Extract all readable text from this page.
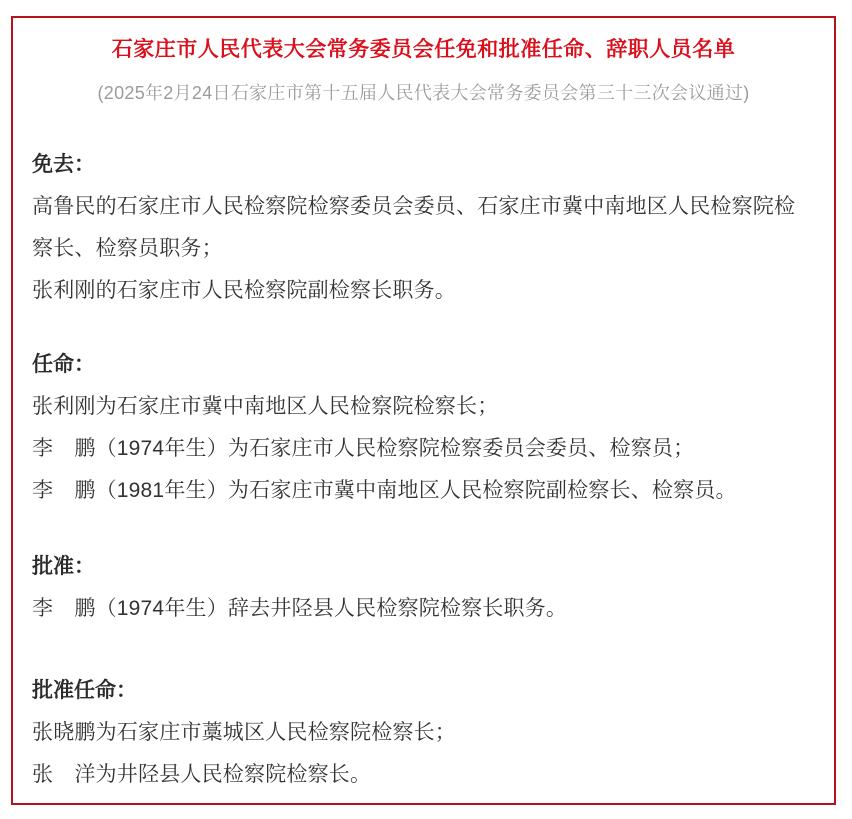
石家庄市人民代表大会常务委员会任免和批准任命、辞职人员名单

(2025年2月24日石家庄市第十五届人民代表大会常务委员会第三十三次会议通过)

免去：

高鲁民的石家庄市人民检察院检察委员会委员、石家庄市冀中南地区人民检察院检察长、检察员职务；

张利刚的石家庄市人民检察院副检察长职务。

任命：

张利刚为石家庄市冀中南地区人民检察院检察长；

李　鹏（1974年生）为石家庄市人民检察院检察委员会委员、检察员；

李　鹏（1981年生）为石家庄市冀中南地区人民检察院副检察长、检察员。

批准：

李　鹏（1974年生）辞去井陉县人民检察院检察长职务。

批准任命：

张晓鹏为石家庄市藁城区人民检察院检察长；

张　洋为井陉县人民检察院检察长。
